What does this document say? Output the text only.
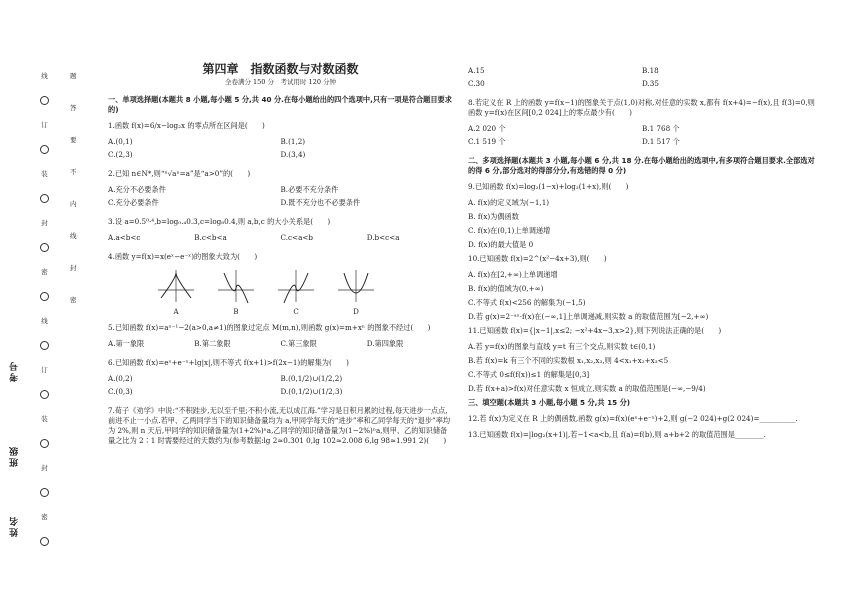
线
订
装
封
密
线
订
装
封
密
题
答
要
不
内
线
封
密
考号
班级
姓名
第四章　指数函数与对数函数
全卷满分 150 分　考试用时 120 分钟

一、单项选择题(本题共 8 小题,每小题 5 分,共 40 分.在每小题给出的四个选项中,只有一项是符合题目要求的)

1.函数 f(x)=6/x−log₂x 的零点所在区间是(　　)

A.(0,1)	B.(1,2)
C.(2,3)	D.(3,4)

2.已知 n∈N*,则“ⁿ√aⁿ=a”是“a>0”的(　　)

A.充分不必要条件	B.必要不充分条件
C.充分必要条件	D.既不充分也不必要条件

3.设 a=0.5⁰·⁴,b=log₀.₄0.3,c=log₈0.4,则 a,b,c 的大小关系是(　　)

A.a<b<c	B.c<b<a	C.c<a<b	D.b<c<a

4.函数 y=f(x)=x(eˣ−e⁻ˣ)的图象大致为(　　)

A	B	C	D

5.已知函数 f(x)=aˣ⁻¹−2(a>0,a≠1)的图象过定点 M(m,n),则函数 g(x)=m+xⁿ 的图象不经过(　　)

A.第一象限	B.第二象限	C.第三象限	D.第四象限

6.已知函数 f(x)=eˣ+e⁻ˣ+lg|x|,则不等式 f(x+1)>f(2x−1)的解集为(　　)

A.(0,2)	B.(0,1/2)∪(1/2,2)
C.(0,3)	D.(0,1/2)∪(1/2,3)

7.荀子《劝学》中说:“不积跬步,无以至千里;不积小流,无以成江海.”学习是日积月累的过程,每天进步一点点,前进不止一小点.若甲、乙两同学当下的知识储备量均为 a,甲同学每天的“进步”率和乙同学每天的“退步”率均为 2%,则 n 天后,甲同学的知识储备量为(1+2%)ⁿa,乙同学的知识储备量为(1−2%)ⁿa,则甲、乙的知识储备量之比为 2∶1 时需要经过的天数约为(参考数据:lg 2≈0.301 0,lg 102≈2.008 6,lg 98≈1.991 2)(　　)

A.15	B.18
C.30	D.35

8.若定义在 R 上的函数 y=f(x−1)的图象关于点(1,0)对称,对任意的实数 x,都有 f(x+4)=−f(x),且 f(3)=0,则函数 y=f(x)在区间[0,2 024]上的零点最少有(　　)

A.2 020 个	B.1 768 个
C.1 519 个	D.1 517 个

二、多项选择题(本题共 3 小题,每小题 6 分,共 18 分.在每小题给出的选项中,有多项符合题目要求.全部选对的得 6 分,部分选对的得部分分,有选错的得 0 分)

9.已知函数 f(x)=log₂(1−x)+log₂(1+x),则(　　)

A. f(x)的定义域为(−1,1)

B. f(x)为偶函数

C. f(x)在(0,1)上单调递增

D. f(x)的最大值是 0

10.已知函数 f(x)=2^(x²−4x+3),则(　　)

A. f(x)在[2,+∞)上单调递增

B. f(x)的值域为(0,+∞)

C.不等式 f(x)<256 的解集为(−1,5)

D.若 g(x)=2⁻ᵃˣ·f(x)在(−∞,1]上单调递减,则实数 a 的取值范围为[−2,+∞)

11.已知函数 f(x)={|x−1|,x≤2; −x²+4x−3,x>2},则下列说法正确的是(　　)

A.若 y=f(x)的图象与直线 y=t 有三个交点,则实数 t∈(0,1)

B.若 f(x)=k 有三个不同的实数根 x₁,x₂,x₃,则 4<x₁+x₂+x₃<5

C.不等式 0≤f(f(x))≤1 的解集是[0,3]

D.若 f(x+a)>f(x)对任意实数 x 恒成立,则实数 a 的取值范围是(−∞,−9/4)

三、填空题(本题共 3 小题,每小题 5 分,共 15 分)

12.若 f(x)为定义在 R 上的偶函数,函数 g(x)=f(x)(eˣ+e⁻ˣ)+2,则 g(−2 024)+g(2 024)=__________.

13.已知函数 f(x)=|log₂(x+1)|,若−1<a<b,且 f(a)=f(b),则 a+b+2 的取值范围是________.
